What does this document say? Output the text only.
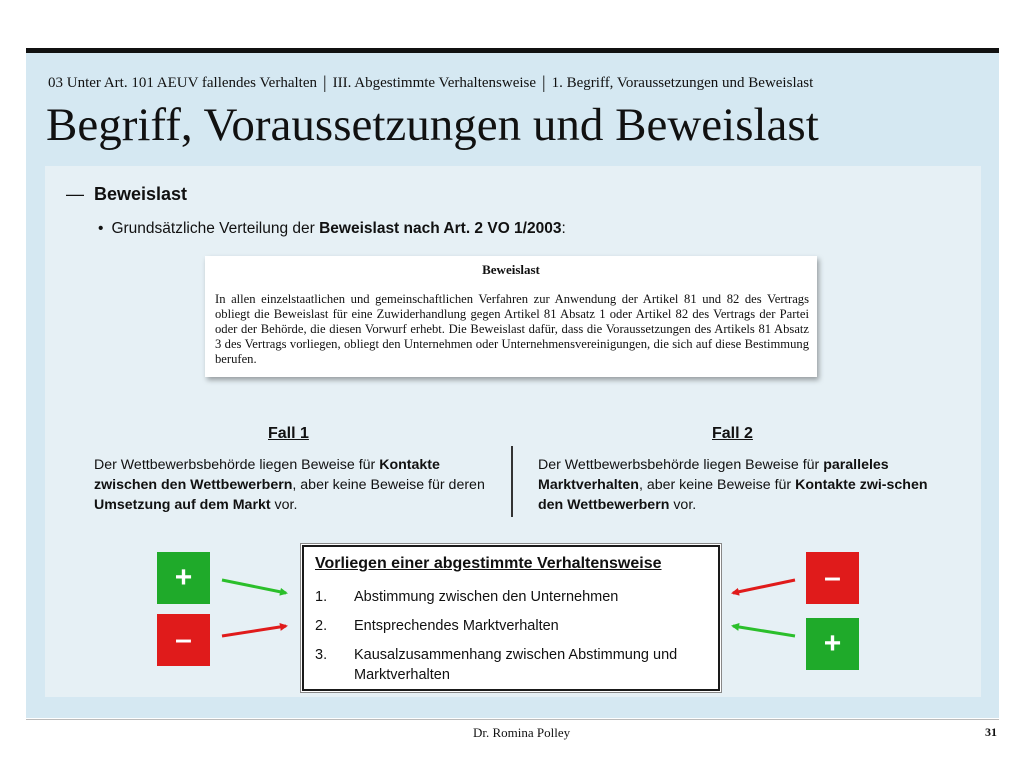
03 Unter Art. 101 AEUV fallendes Verhalten | III. Abgestimmte Verhaltensweise | 1. Begriff, Voraussetzungen und Beweislast
Begriff, Voraussetzungen und Beweislast
— Beweislast
• Grundsätzliche Verteilung der Beweislast nach Art. 2 VO 1/2003:
Beweislast
In allen einzelstaatlichen und gemeinschaftlichen Verfahren zur Anwendung der Artikel 81 und 82 des Vertrags obliegt die Beweislast für eine Zuwiderhandlung gegen Artikel 81 Absatz 1 oder Artikel 82 des Vertrags der Partei oder der Behörde, die diesen Vorwurf erhebt. Die Beweislast dafür, dass die Voraussetzungen des Artikels 81 Absatz 3 des Vertrags vorliegen, obliegt den Unternehmen oder Unternehmensvereinigungen, die sich auf diese Bestimmung berufen.
Fall 1
Der Wettbewerbsbehörde liegen Beweise für Kontakte zwischen den Wettbewerbern, aber keine Beweise für deren Umsetzung auf dem Markt vor.
Fall 2
Der Wettbewerbsbehörde liegen Beweise für paralleles Marktverhalten, aber keine Beweise für Kontakte zwi-schen den Wettbewerbern vor.
+
–
–
+
Vorliegen einer abgestimmte Verhaltensweise
1.	Abstimmung zwischen den Unternehmen
2.	Entsprechendes Marktverhalten
3.	Kausalzusammenhang zwischen Abstimmung und Marktverhalten
Dr. Romina Polley	31
